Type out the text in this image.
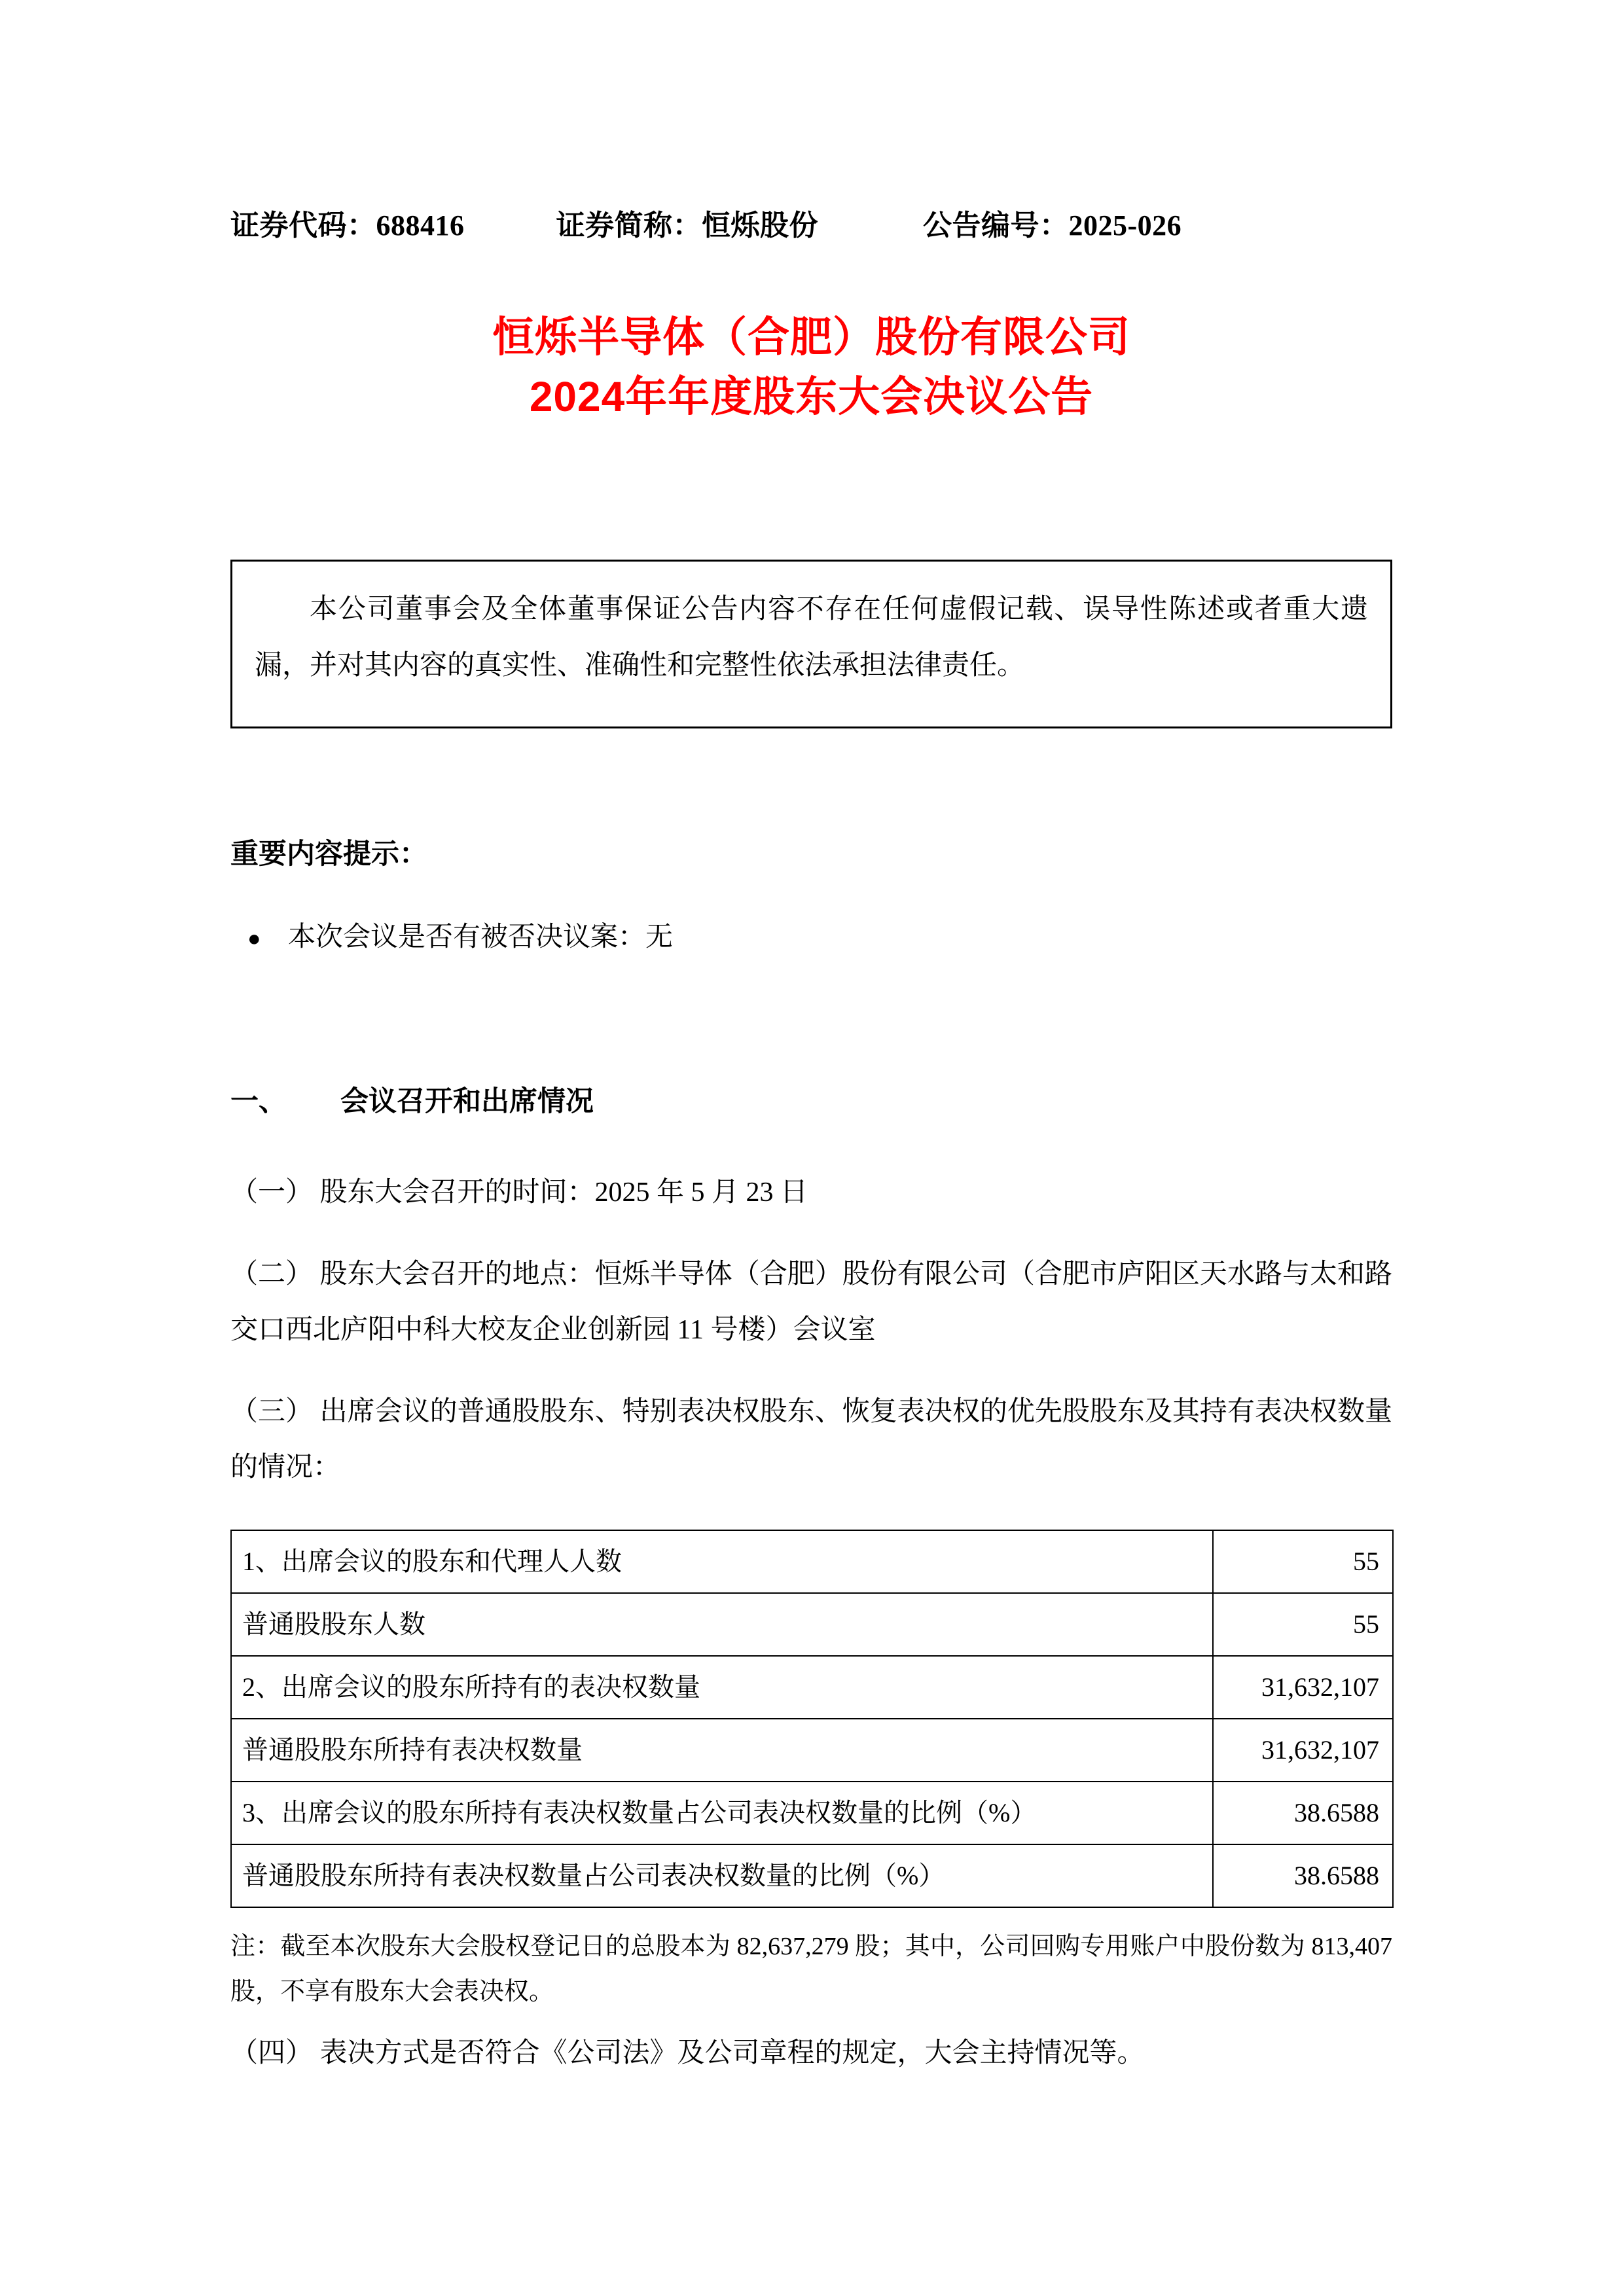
证券代码：688416	证券简称：恒烁股份	公告编号：2025-026
恒烁半导体（合肥）股份有限公司
2024年年度股东大会决议公告
本公司董事会及全体董事保证公告内容不存在任何虚假记载、误导性陈述或者重大遗漏，并对其内容的真实性、准确性和完整性依法承担法律责任。
重要内容提示：
● 本次会议是否有被否决议案：无
一、 会议召开和出席情况
（一） 股东大会召开的时间：2025 年 5 月 23 日
（二） 股东大会召开的地点：恒烁半导体（合肥）股份有限公司（合肥市庐阳区天水路与太和路交口西北庐阳中科大校友企业创新园 11 号楼）会议室
（三） 出席会议的普通股股东、特别表决权股东、恢复表决权的优先股股东及其持有表决权数量的情况：
1、出席会议的股东和代理人人数	55
普通股股东人数	55
2、出席会议的股东所持有的表决权数量	31,632,107
普通股股东所持有表决权数量	31,632,107
3、出席会议的股东所持有表决权数量占公司表决权数量的比例（%）	38.6588
普通股股东所持有表决权数量占公司表决权数量的比例（%）	38.6588
注：截至本次股东大会股权登记日的总股本为 82,637,279 股；其中，公司回购专用账户中股份数为 813,407 股，不享有股东大会表决权。
（四） 表决方式是否符合《公司法》及公司章程的规定，大会主持情况等。
